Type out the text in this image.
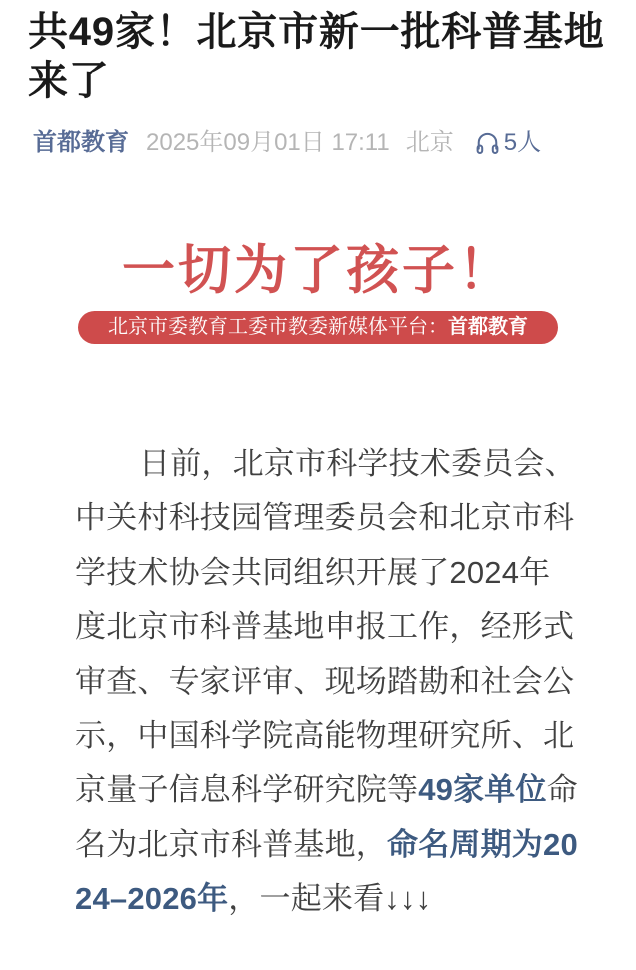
共49家！北京市新一批科普基地来了
首都教育 2025年09月01日 17:11 北京 5人
一切为了孩子！
北京市委教育工委市教委新媒体平台：首都教育
日前，北京市科学技术委员会、
中关村科技园管理委员会和北京市科
学技术协会共同组织开展了2024年
度北京市科普基地申报工作，经形式
审查、专家评审、现场踏勘和社会公
示，中国科学院高能物理研究所、北
京量子信息科学研究院等49家单位命
名为北京市科普基地，命名周期为20
24–2026年，一起来看↓↓↓
